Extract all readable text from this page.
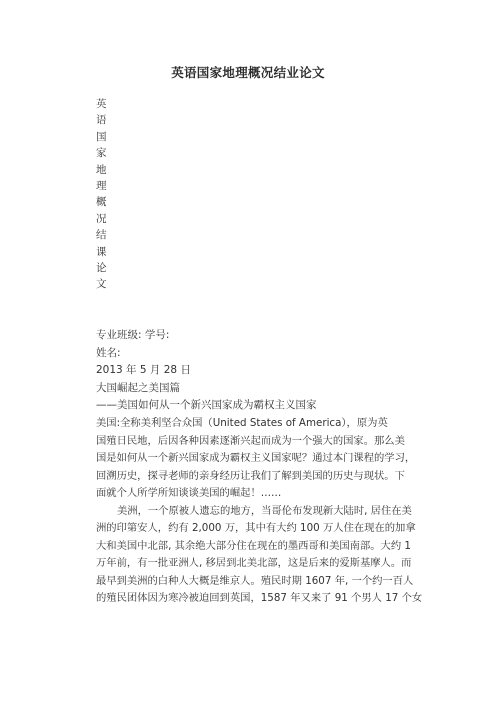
英语国家地理概况结业论文
英
语
国
家
地
理
概
况
结
课
论
文
专业班级: 学号:
姓名:
2013 年 5 月 28 日
大国崛起之美国篇
——美国如何从一个新兴国家成为霸权主义国家
美国:全称美利坚合众国（United States of America），原为英
国殖日民地，后因各种因素逐渐兴起而成为一个强大的国家。那么美
国是如何从一个新兴国家成为霸权主义国家呢？通过本门课程的学习，
回溯历史，探寻老师的亲身经历让我们了解到美国的历史与现状。下
面就个人所学所知谈谈美国的崛起！……
美洲，一个原被人遗忘的地方，当哥伦布发现新大陆时, 居住在美
洲的印第安人，约有 2,000 万，其中有大约 100 万人住在现在的加拿
大和美国中北部, 其余绝大部分住在现在的墨西哥和美国南部。大约 1
万年前，有一批亚洲人, 移居到北美北部，这是后来的爱斯基摩人。而
最早到美洲的白种人大概是维京人。殖民时期 1607 年, 一个约一百人
的殖民团体因为寒冷被迫回到英国，1587 年又来了 91 个男人 17 个女
